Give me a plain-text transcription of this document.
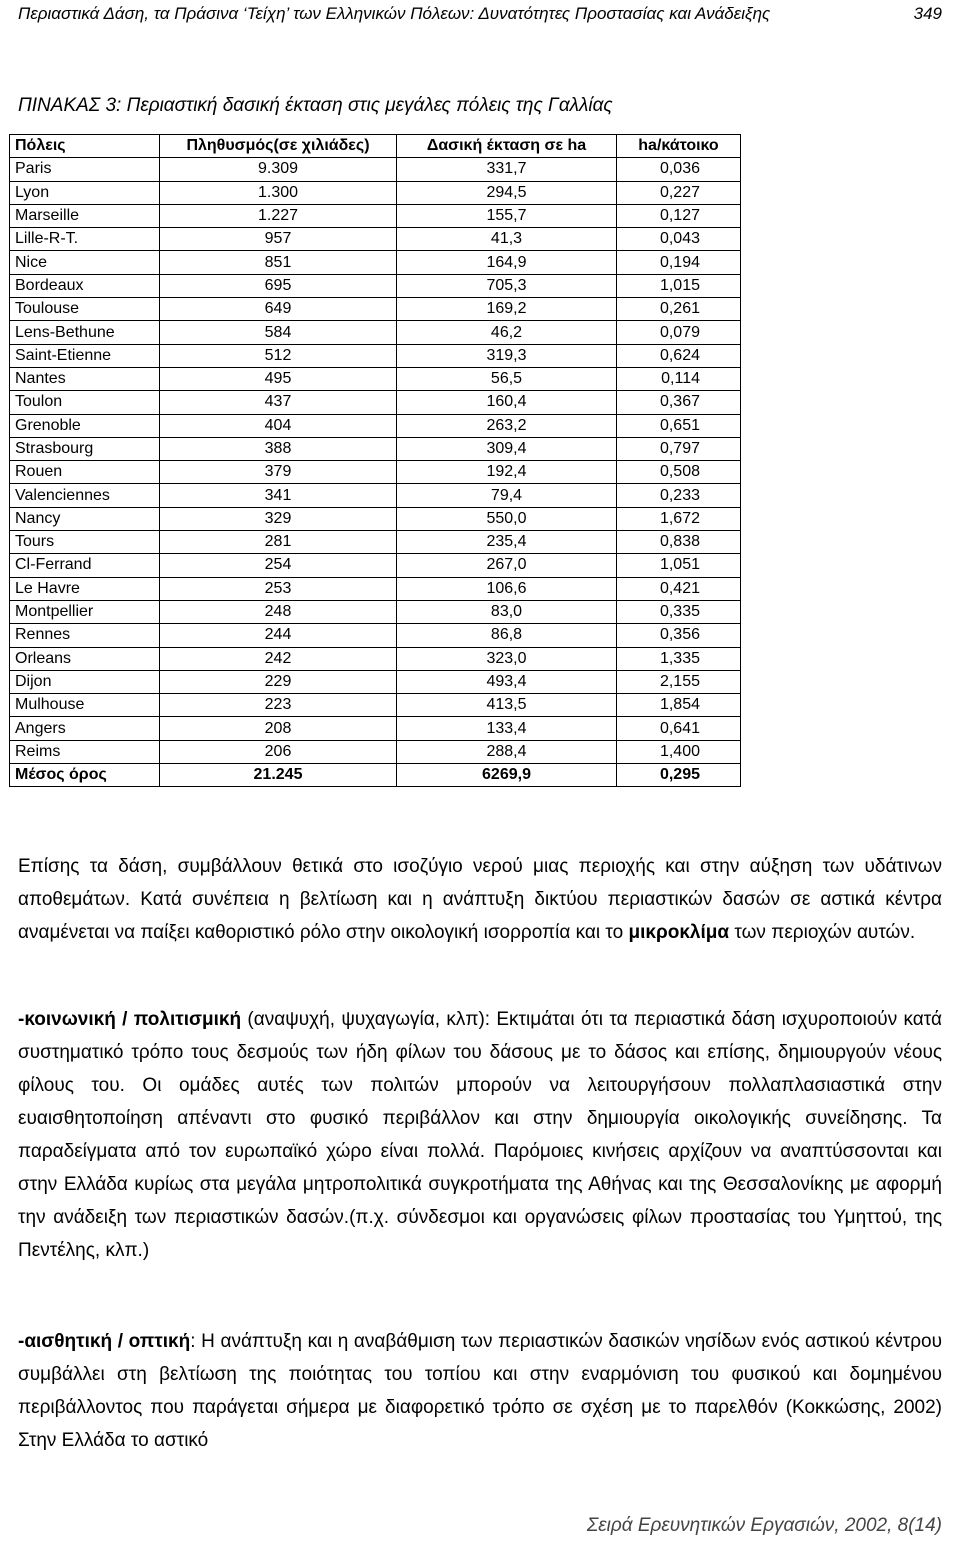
Περιαστικά Δάση, τα Πράσινα ‘Τείχη’ των Ελληνικών Πόλεων: Δυνατότητες Προστασίας και Ανάδειξης	349
ΠΙΝΑΚΑΣ 3: Περιαστική δασική έκταση στις μεγάλες πόλεις της Γαλλίας
Πόλεις	Πληθυσμός(σε χιλιάδες)	Δασική έκταση σε ha	ha/κάτοικο
Paris	9.309	331,7	0,036
Lyon	1.300	294,5	0,227
Marseille	1.227	155,7	0,127
Lille-R-T.	957	41,3	0,043
Nice	851	164,9	0,194
Bordeaux	695	705,3	1,015
Toulouse	649	169,2	0,261
Lens-Bethune	584	46,2	0,079
Saint-Etienne	512	319,3	0,624
Nantes	495	56,5	0,114
Toulon	437	160,4	0,367
Grenoble	404	263,2	0,651
Strasbourg	388	309,4	0,797
Rouen	379	192,4	0,508
Valenciennes	341	79,4	0,233
Nancy	329	550,0	1,672
Tours	281	235,4	0,838
Cl-Ferrand	254	267,0	1,051
Le Havre	253	106,6	0,421
Montpellier	248	83,0	0,335
Rennes	244	86,8	0,356
Orleans	242	323,0	1,335
Dijon	229	493,4	2,155
Mulhouse	223	413,5	1,854
Angers	208	133,4	0,641
Reims	206	288,4	1,400
Μέσος όρος	21.245	6269,9	0,295

Επίσης τα δάση, συμβάλλουν θετικά στο ισοζύγιο νερού μιας περιοχής και στην αύξηση των υδάτινων αποθεμάτων. Κατά συνέπεια η βελτίωση και η ανάπτυξη δικτύου περιαστικών δασών σε αστικά κέντρα αναμένεται να παίξει καθοριστικό ρόλο στην οικολογική ισορροπία και το μικροκλίμα των περιοχών αυτών.

-κοινωνική / πολιτισμική (αναψυχή, ψυχαγωγία, κλπ): Εκτιμάται ότι τα περιαστικά δάση ισχυροποιούν κατά συστηματικό τρόπο τους δεσμούς των ήδη φίλων του δάσους με το δάσος και επίσης, δημιουργούν νέους φίλους του. Οι ομάδες αυτές των πολιτών μπορούν να λειτουργήσουν πολλαπλασιαστικά στην ευαισθητοποίηση απέναντι στο φυσικό περιβάλλον και στην δημιουργία οικολογικής συνείδησης. Τα παραδείγματα από τον ευρωπαϊκό χώρο είναι πολλά. Παρόμοιες κινήσεις αρχίζουν να αναπτύσσονται και στην Ελλάδα κυρίως στα μεγάλα μητροπολιτικά συγκροτήματα της Αθήνας και της Θεσσαλονίκης με αφορμή την ανάδειξη των περιαστικών δασών.(π.χ. σύνδεσμοι και οργανώσεις φίλων προστασίας του Υμηττού, της Πεντέλης, κλπ.)

-αισθητική / οπτική: Η ανάπτυξη και η αναβάθμιση των περιαστικών δασικών νησίδων ενός αστικού κέντρου συμβάλλει στη βελτίωση της ποιότητας του τοπίου και στην εναρμόνιση του φυσικού και δομημένου περιβάλλοντος που παράγεται σήμερα με διαφορετικό τρόπο σε σχέση με το παρελθόν (Κοκκώσης, 2002) Στην Ελλάδα το αστικό

Σειρά Ερευνητικών Εργασιών, 2002, 8(14)
